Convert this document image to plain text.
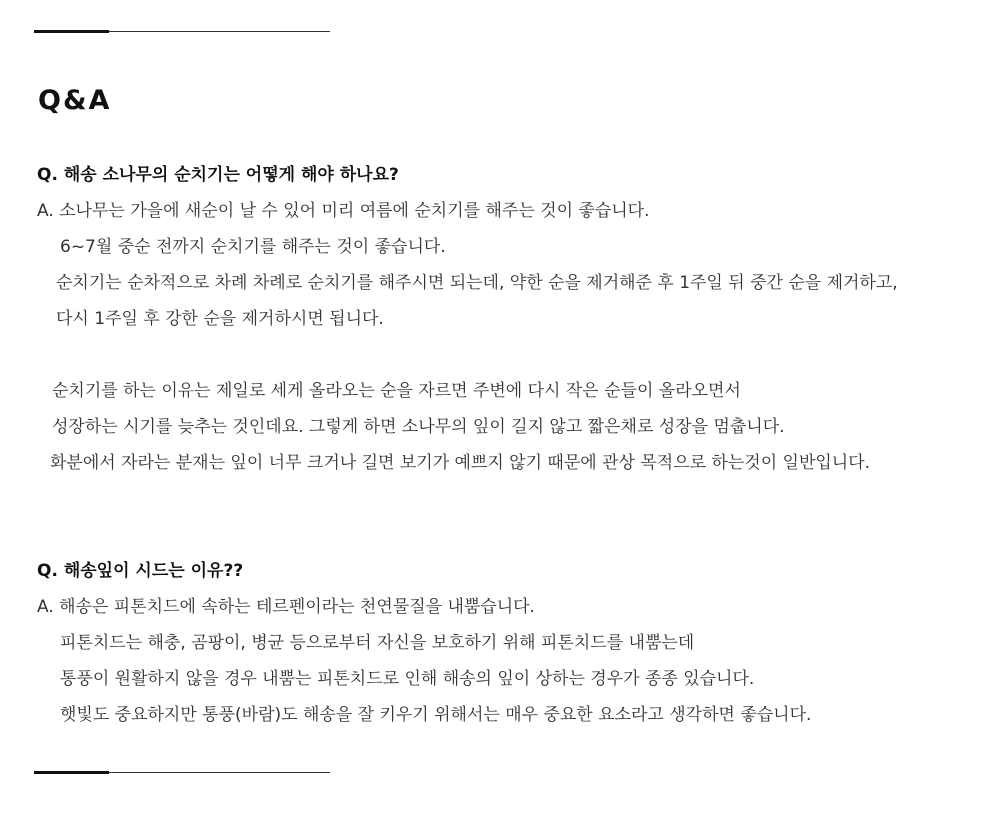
Q&A
Q. 해송 소나무의 순치기는 어떻게 해야 하나요?
A. 소나무는 가을에 새순이 날 수 있어 미리 여름에 순치기를 해주는 것이 좋습니다.
6~7월 중순 전까지 순치기를 해주는 것이 좋습니다.
순치기는 순차적으로 차례 차례로 순치기를 해주시면 되는데, 약한 순을 제거해준 후 1주일 뒤 중간 순을 제거하고,
다시 1주일 후 강한 순을 제거하시면 됩니다.
순치기를 하는 이유는 제일로 세게 올라오는 순을 자르면 주변에 다시 작은 순들이 올라오면서
성장하는 시기를 늦추는 것인데요. 그렇게 하면 소나무의 잎이 길지 않고 짧은채로 성장을 멈춥니다.
화분에서 자라는 분재는 잎이 너무 크거나 길면 보기가 예쁘지 않기 때문에 관상 목적으로 하는것이 일반입니다.
Q. 해송잎이 시드는 이유??
A. 해송은 피톤치드에 속하는 테르펜이라는 천연물질을 내뿜습니다.
피톤치드는 해충, 곰팡이, 병균 등으로부터 자신을 보호하기 위해 피톤치드를 내뿜는데
통풍이 원활하지 않을 경우 내뿜는 피톤치드로 인해 해송의 잎이 상하는 경우가 종종 있습니다.
햇빛도 중요하지만 통풍(바람)도 해송을 잘 키우기 위해서는 매우 중요한 요소라고 생각하면 좋습니다.
